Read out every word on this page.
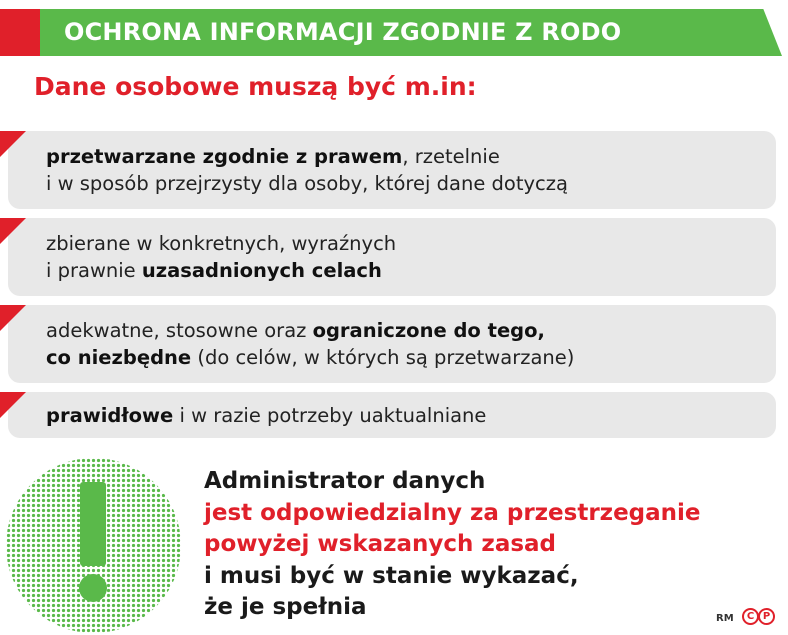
OCHRONA INFORMACJI ZGODNIE Z RODO
Dane osobowe muszą być m.in:
przetwarzane zgodnie z prawem, rzetelnie
i w sposób przejrzysty dla osoby, której dane dotyczą
zbierane w konkretnych, wyraźnych
i prawnie uzasadnionych celach
adekwatne, stosowne oraz ograniczone do tego,
co niezbędne (do celów, w których są przetwarzane)
prawidłowe i w razie potrzeby uaktualniane
Administrator danych
jest odpowiedzialny za przestrzeganie
powyżej wskazanych zasad
i musi być w stanie wykazać,
że je spełnia	RM	C P
